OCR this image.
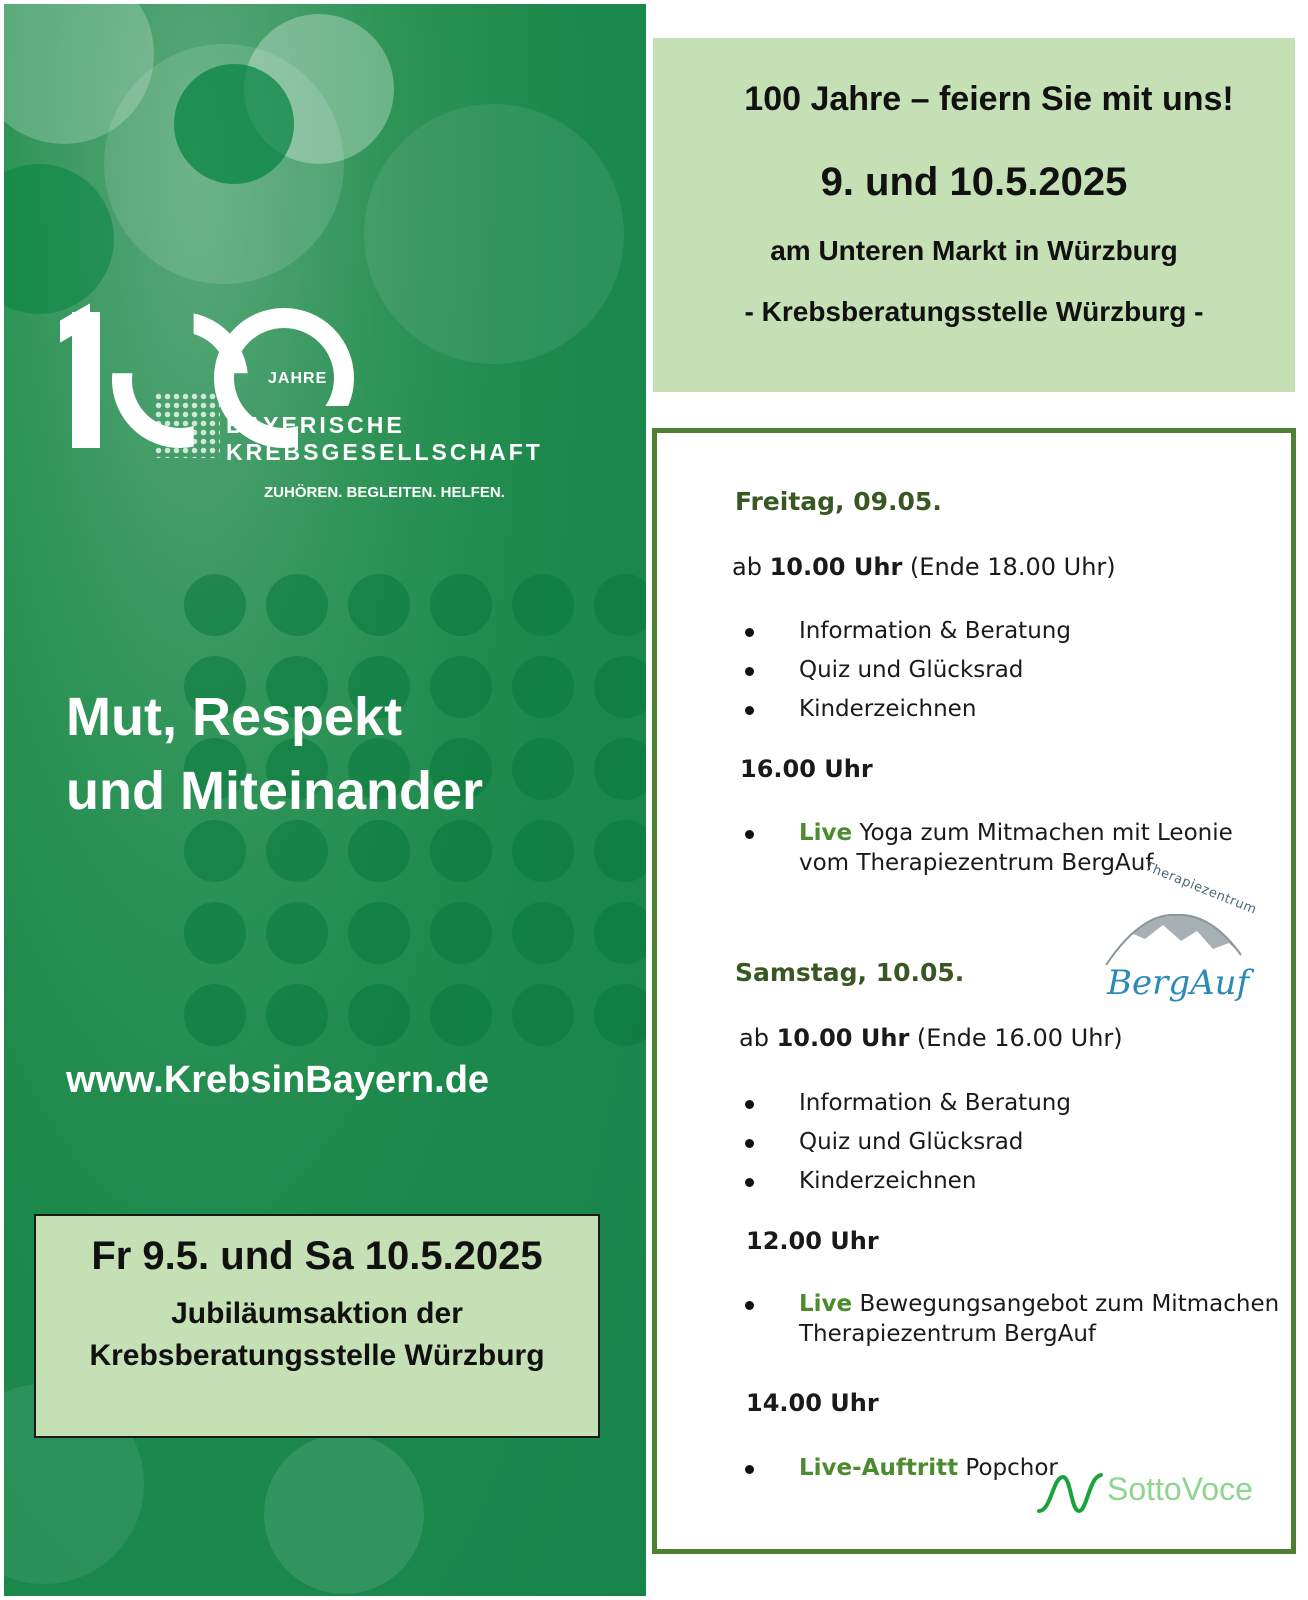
JAHRE
BAYERISCHE
KREBSGESELLSCHAFT
ZUHÖREN. BEGLEITEN. HELFEN.
Mut, Respekt
und Miteinander
www.KrebsinBayern.de
Fr 9.5. und Sa 10.5.2025
Jubiläumsaktion der
Krebsberatungsstelle Würzburg
100 Jahre – feiern Sie mit uns!
9. und 10.5.2025
am Unteren Markt in Würzburg
- Krebsberatungsstelle Würzburg -
Freitag, 09.05.
ab 10.00 Uhr (Ende 18.00 Uhr)
Information & Beratung
Quiz und Glücksrad
Kinderzeichnen
16.00 Uhr
Live Yoga zum Mitmachen mit Leonie
vom Therapiezentrum BergAuf
Therapiezentrum
BergAuf
Samstag, 10.05.
ab 10.00 Uhr (Ende 16.00 Uhr)
Information & Beratung
Quiz und Glücksrad
Kinderzeichnen
12.00 Uhr
Live Bewegungsangebot zum Mitmachen
Therapiezentrum BergAuf
14.00 Uhr
Live-Auftritt Popchor
SottoVoce
